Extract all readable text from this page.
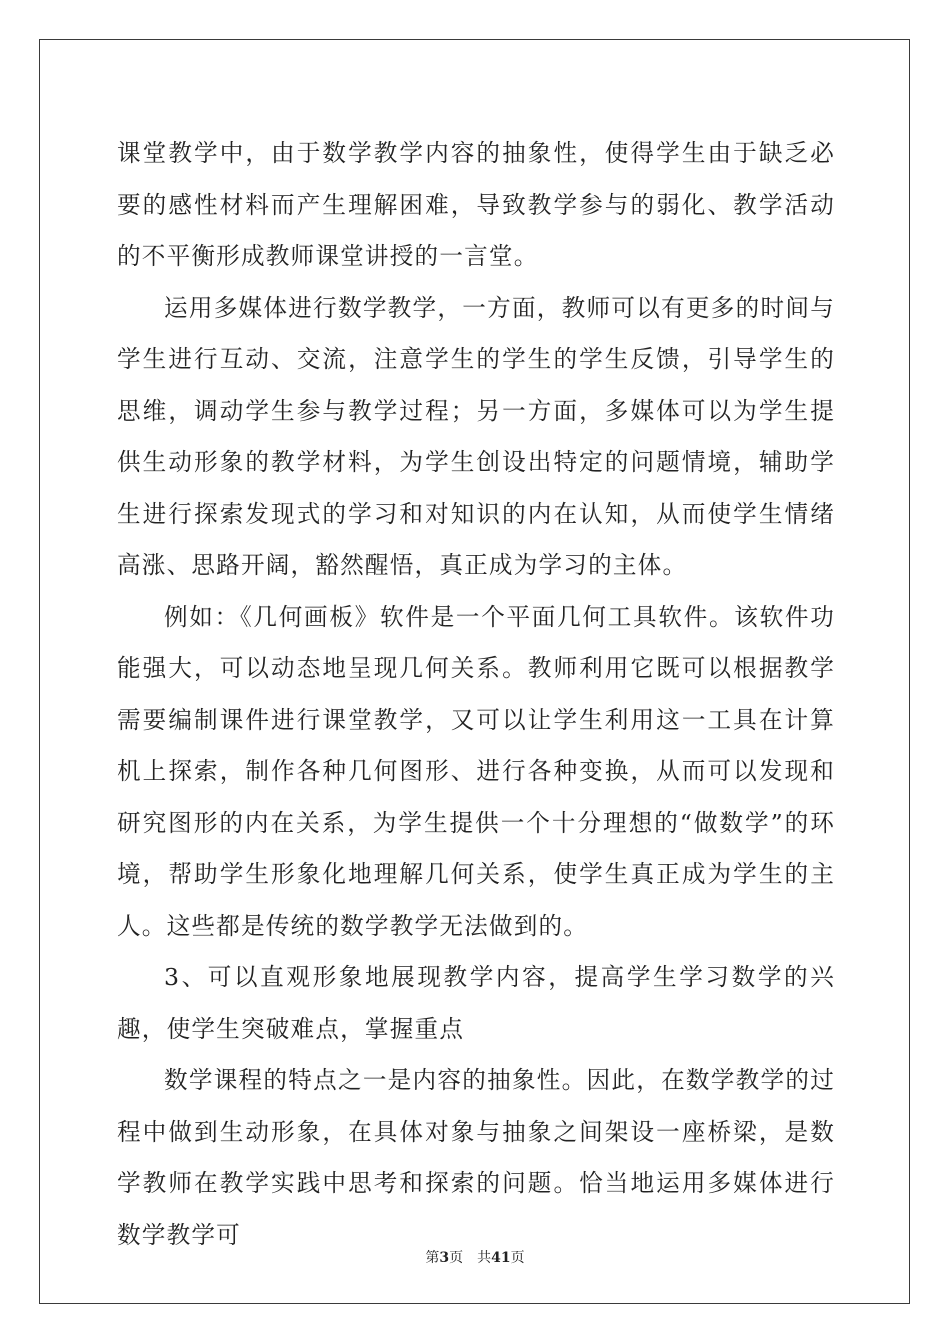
课堂教学中，由于数学教学内容的抽象性，使得学生由于缺乏必要的感性材料而产生理解困难，导致教学参与的弱化、教学活动的不平衡形成教师课堂讲授的一言堂。

运用多媒体进行数学教学，一方面，教师可以有更多的时间与学生进行互动、交流，注意学生的学生的学生反馈，引导学生的思维，调动学生参与教学过程；另一方面，多媒体可以为学生提供生动形象的教学材料，为学生创设出特定的问题情境，辅助学生进行探索发现式的学习和对知识的内在认知，从而使学生情绪高涨、思路开阔，豁然醒悟，真正成为学习的主体。

例如：《几何画板》软件是一个平面几何工具软件。该软件功能强大，可以动态地呈现几何关系。教师利用它既可以根据教学需要编制课件进行课堂教学，又可以让学生利用这一工具在计算机上探索，制作各种几何图形、进行各种变换，从而可以发现和研究图形的内在关系，为学生提供一个十分理想的“做数学”的环境，帮助学生形象化地理解几何关系，使学生真正成为学生的主人。这些都是传统的数学教学无法做到的。

3、可以直观形象地展现教学内容，提高学生学习数学的兴趣，使学生突破难点，掌握重点

数学课程的特点之一是内容的抽象性。因此，在数学教学的过程中做到生动形象，在具体对象与抽象之间架设一座桥梁，是数学教师在教学实践中思考和探索的问题。恰当地运用多媒体进行数学教学可

第3页 共41页
